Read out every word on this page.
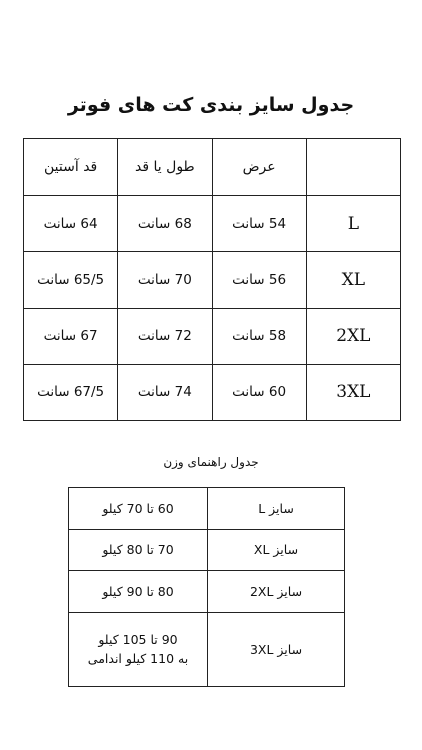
جدول سایز بندی کت های فوتر
	عرض	طول یا قد	قد آستین
L	54 سانت	68 سانت	64 سانت
XL	56 سانت	70 سانت	65/5 سانت
2XL	58 سانت	72 سانت	67 سانت
3XL	60 سانت	74 سانت	67/5 سانت
جدول راهنمای وزن
سایز L	60 تا 70 کیلو

سایز XL	70 تا 80 کیلو

سایز 2XL	80 تا 90 کیلو

سایز 3XL	90 تا 105 کیلو
به 110 کیلو اندامی
